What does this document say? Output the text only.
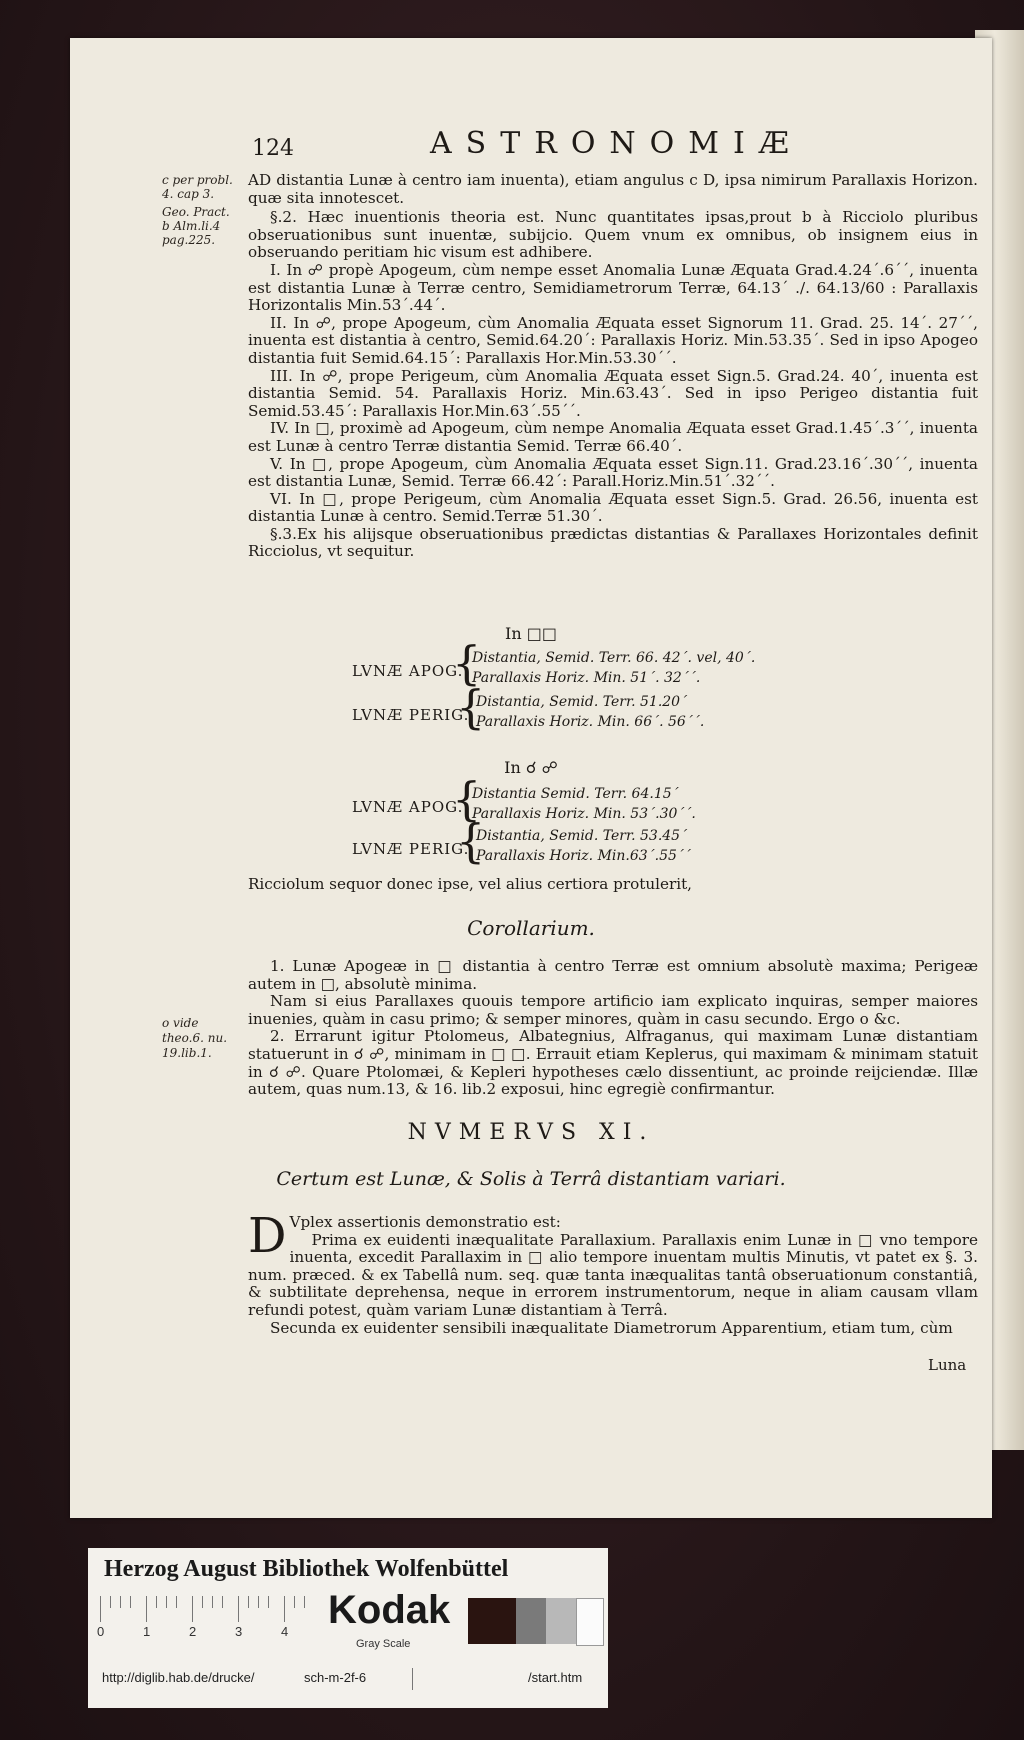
124	ASTRONOMIÆ
c per probl.
4. cap 3.
Geo. Pract.
b Alm.li.4
pag.225.
o vide
theo.6. nu.
19.lib.1.

AD distantia Lunæ à centro iam inuenta), etiam angulus c D, ipsa nimirum Parallaxis Horizon. quæ sita innotescet.

§.2. Hæc inuentionis theoria est. Nunc quantitates ipsas,prout b à Ricciolo pluribus obseruationibus sunt inuentæ, subijcio. Quem vnum ex omnibus, ob insignem eius in obseruando peritiam hic visum est adhibere.

I. In ☍ propè Apogeum, cùm nempe esset Anomalia Lunæ Æquata Grad.4.24´.6´´, inuenta est distantia Lunæ à Terræ centro, Semidiametrorum Terræ, 64.13´ ./. 64.13/60 : Parallaxis Horizontalis Min.53´.44´.

II. In ☍, prope Apogeum, cùm Anomalia Æquata esset Signorum 11. Grad. 25. 14´. 27´´, inuenta est distantia à centro, Semid.64.20´: Parallaxis Horiz. Min.53.35´. Sed in ipso Apogeo distantia fuit Semid.64.15´: Parallaxis Hor.Min.53.30´´.

III. In ☍, prope Perigeum, cùm Anomalia Æquata esset Sign.5. Grad.24. 40´, inuenta est distantia Semid. 54. Parallaxis Horiz. Min.63.43´. Sed in ipso Perigeo distantia fuit Semid.53.45´: Parallaxis Hor.Min.63´.55´´.

IV. In □, proximè ad Apogeum, cùm nempe Anomalia Æquata esset Grad.1.45´.3´´, inuenta est Lunæ à centro Terræ distantia Semid. Terræ 66.40´.

V. In □, prope Apogeum, cùm Anomalia Æquata esset Sign.11. Grad.23.16´.30´´, inuenta est distantia Lunæ, Semid. Terræ 66.42´: Parall.Horiz.Min.51´.32´´.

VI. In □, prope Perigeum, cùm Anomalia Æquata esset Sign.5. Grad. 26.56, inuenta est distantia Lunæ à centro. Semid.Terræ 51.30´.

§.3.Ex his alijsque obseruationibus prædictas distantias & Parallaxes Horizontales definit Ricciolus, vt sequitur.

In □□
LVNÆ APOG.
{
Distantia, Semid. Terr. 66. 42´. vel, 40´.
Parallaxis Horiz. Min. 51´. 32´´.
LVNÆ PERIG.
{
Distantia, Semid. Terr. 51.20´
Parallaxis Horiz. Min. 66´. 56´´.
In ☌ ☍
LVNÆ APOG.
{
Distantia Semid. Terr. 64.15´
Parallaxis Horiz. Min. 53´.30´´.
LVNÆ PERIG.
{
Distantia, Semid. Terr. 53.45´
Parallaxis Horiz. Min.63´.55´´
Ricciolum sequor donec ipse, vel alius certiora protulerit,
Corollarium.

1. Lunæ Apogeæ in □ distantia à centro Terræ est omnium absolutè maxima; Perigeæ autem in □, absolutè minima.

Nam si eius Parallaxes quouis tempore artificio iam explicato inquiras, semper maiores inuenies, quàm in casu primo; & semper minores, quàm in casu secundo. Ergo o &c.

2. Errarunt igitur Ptolomeus, Albategnius, Alfraganus, qui maximam Lunæ distantiam statuerunt in ☌ ☍, minimam in □ □. Errauit etiam Keplerus, qui maximam & minimam statuit in ☌ ☍. Quare Ptolomæi, & Kepleri hypotheses cælo dissentiunt, ac proinde reijciendæ. Illæ autem, quas num.13, & 16. lib.2 exposui, hinc egregiè confirmantur.

NVMERVS XI.
Certum est Lunæ, & Solis à Terrâ distantiam variari.
D Vplex assertionis demonstratio est:

Prima ex euidenti inæqualitate Parallaxium. Parallaxis enim Lunæ in □ vno tempore inuenta, excedit Parallaxim in □ alio tempore inuentam multis Minutis, vt patet ex §. 3. num. præced. & ex Tabellâ num. seq. quæ tanta inæqualitas tantâ obseruationum constantiâ, & subtilitate deprehensa, neque in errorem instrumentorum, neque in aliam causam vllam refundi potest, quàm variam Lunæ distantiam à Terrâ.

Secunda ex euidenter sensibili inæqualitate Diametrorum Apparentium, etiam tum, cùm

Luna
Herzog August Bibliothek Wolfenbüttel
0	1	2	3	4 Kodak
Gray Scale
http://diglib.hab.de/drucke/	sch-m-2f-6	/start.htm
